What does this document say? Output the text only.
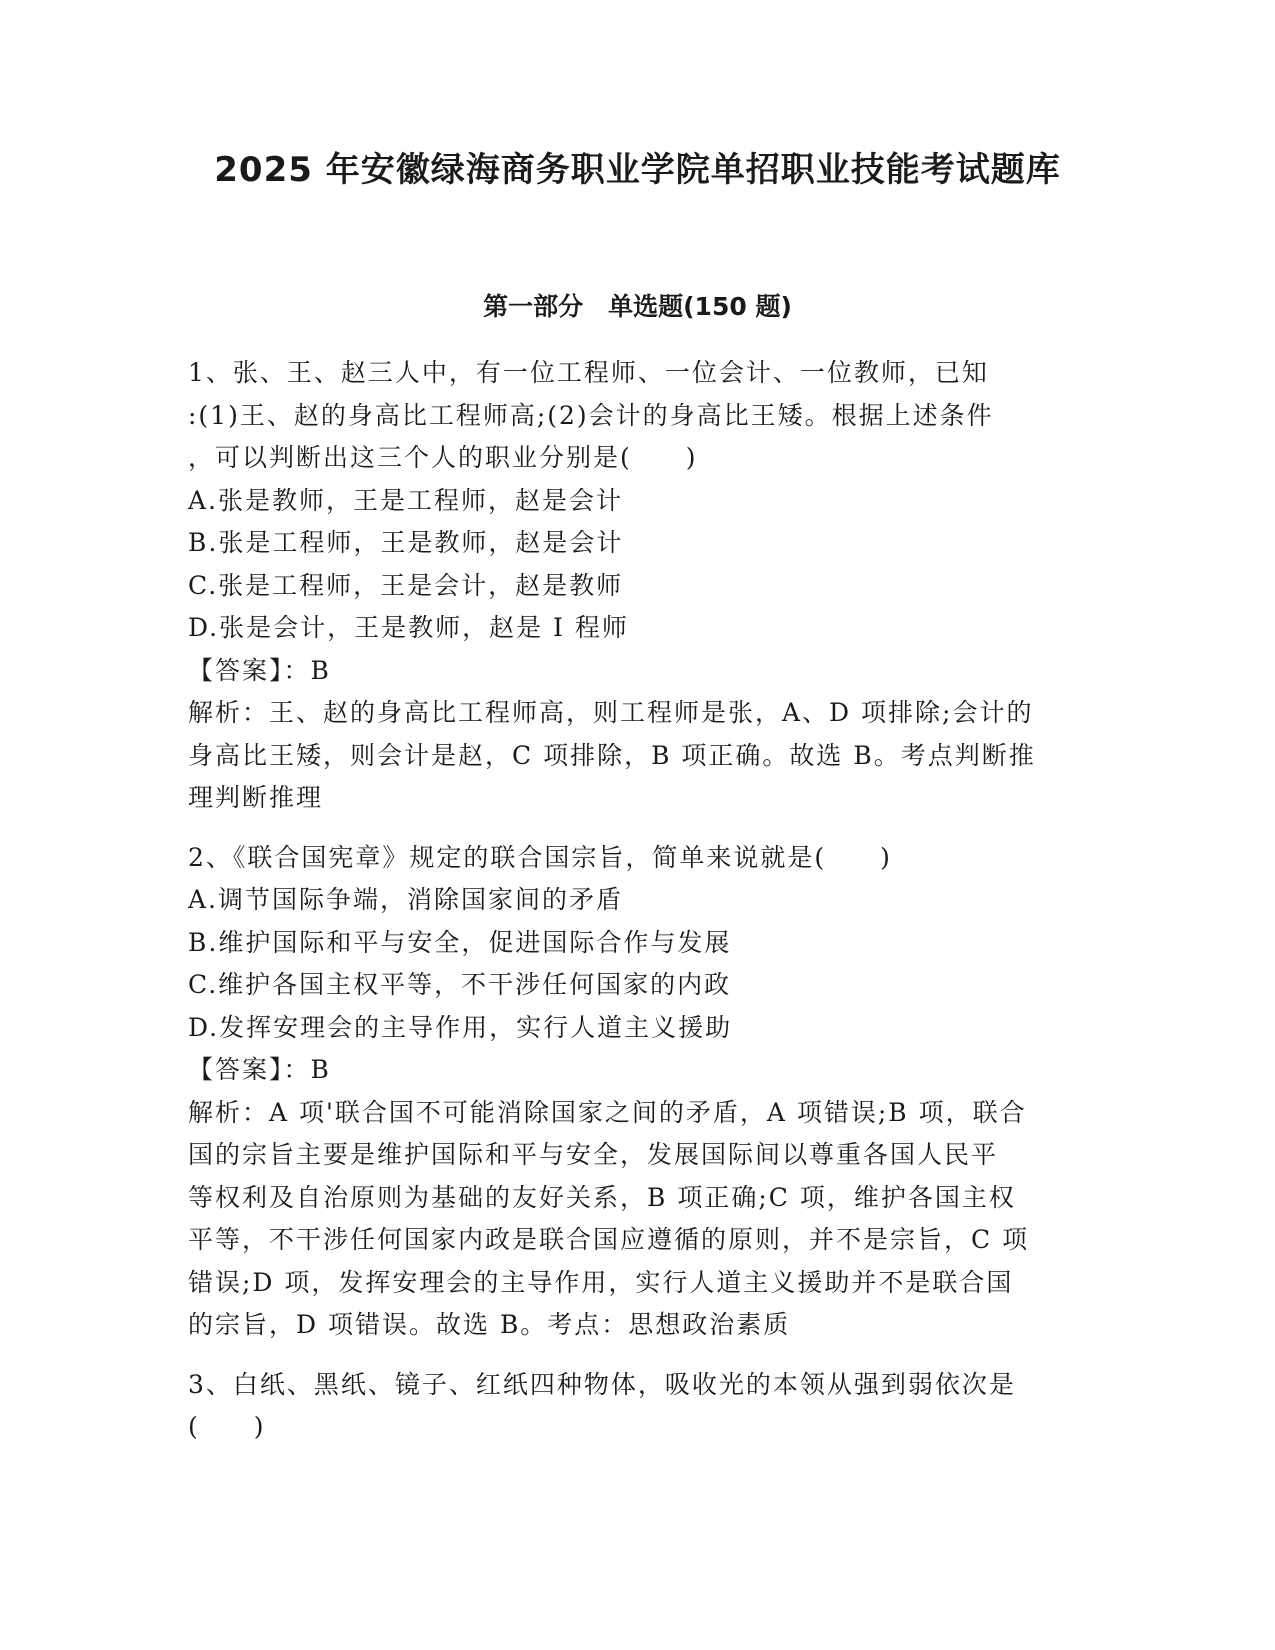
2025 年安徽绿海商务职业学院单招职业技能考试题库
第一部分　单选题(150 题)

1、张、王、赵三人中，有一位工程师、一位会计、一位教师，已知

:(1)王、赵的身高比工程师高;(2)会计的身高比王矮。根据上述条件

，可以判断出这三个人的职业分别是(　　)

A.张是教师，王是工程师，赵是会计

B.张是工程师，王是教师，赵是会计

C.张是工程师，王是会计，赵是教师

D.张是会计，王是教师，赵是 I 程师

【答案】：B

解析：王、赵的身高比工程师高，则工程师是张，A、D 项排除;会计的

身高比王矮，则会计是赵，C 项排除，B 项正确。故选 B。考点判断推

理判断推理

2、《联合国宪章》规定的联合国宗旨，简单来说就是(　　)

A.调节国际争端，消除国家间的矛盾

B.维护国际和平与安全，促进国际合作与发展

C.维护各国主权平等，不干涉任何国家的内政

D.发挥安理会的主导作用，实行人道主义援助

【答案】：B

解析：A 项'联合国不可能消除国家之间的矛盾，A 项错误;B 项，联合

国的宗旨主要是维护国际和平与安全，发展国际间以尊重各国人民平

等权利及自治原则为基础的友好关系，B 项正确;C 项，维护各国主权

平等，不干涉任何国家内政是联合国应遵循的原则，并不是宗旨，C 项

错误;D 项，发挥安理会的主导作用，实行人道主义援助并不是联合国

的宗旨，D 项错误。故选 B。考点：思想政治素质

3、白纸、黑纸、镜子、红纸四种物体，吸收光的本领从强到弱依次是

(　　)
